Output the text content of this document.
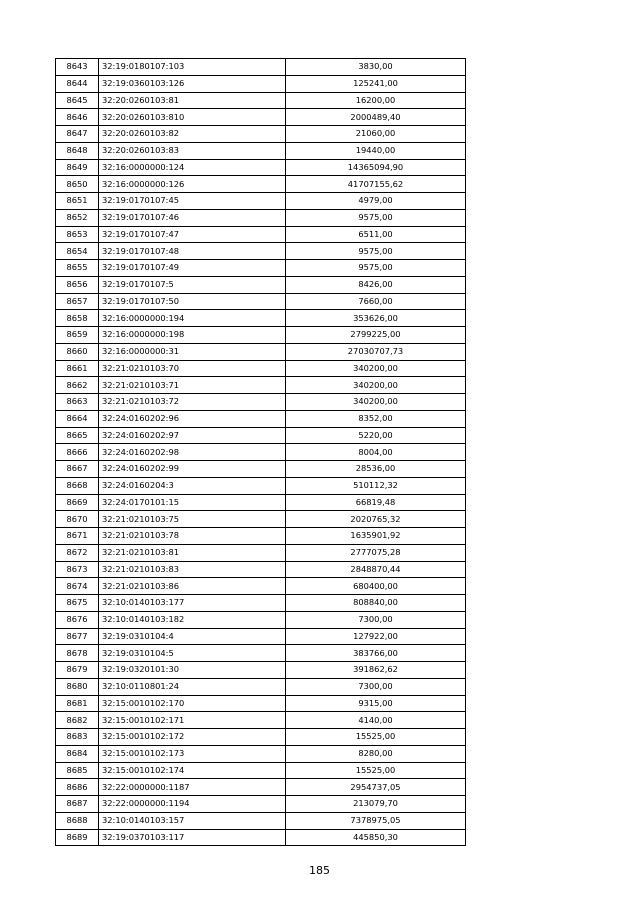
8643	32:19:0180107:103	3830,00
8644	32:19:0360103:126	125241,00
8645	32:20:0260103:81	16200,00
8646	32:20:0260103:810	2000489,40
8647	32:20:0260103:82	21060,00
8648	32:20:0260103:83	19440,00
8649	32:16:0000000:124	14365094,90
8650	32:16:0000000:126	41707155,62
8651	32:19:0170107:45	4979,00
8652	32:19:0170107:46	9575,00
8653	32:19:0170107:47	6511,00
8654	32:19:0170107:48	9575,00
8655	32:19:0170107:49	9575,00
8656	32:19:0170107:5	8426,00
8657	32:19:0170107:50	7660,00
8658	32:16:0000000:194	353626,00
8659	32:16:0000000:198	2799225,00
8660	32:16:0000000:31	27030707,73
8661	32:21:0210103:70	340200,00
8662	32:21:0210103:71	340200,00
8663	32:21:0210103:72	340200,00
8664	32:24:0160202:96	8352,00
8665	32:24:0160202:97	5220,00
8666	32:24:0160202:98	8004,00
8667	32:24:0160202:99	28536,00
8668	32:24:0160204:3	510112,32
8669	32:24:0170101:15	66819,48
8670	32:21:0210103:75	2020765,32
8671	32:21:0210103:78	1635901,92
8672	32:21:0210103:81	2777075,28
8673	32:21:0210103:83	2848870,44
8674	32:21:0210103:86	680400,00
8675	32:10:0140103:177	808840,00
8676	32:10:0140103:182	7300,00
8677	32:19:0310104:4	127922,00
8678	32:19:0310104:5	383766,00
8679	32:19:0320101:30	391862,62
8680	32:10:0110801:24	7300,00
8681	32:15:0010102:170	9315,00
8682	32:15:0010102:171	4140,00
8683	32:15:0010102:172	15525,00
8684	32:15:0010102:173	8280,00
8685	32:15:0010102:174	15525,00
8686	32:22:0000000:1187	2954737,05
8687	32:22:0000000:1194	213079,70
8688	32:10:0140103:157	7378975,05
8689	32:19:0370103:117	445850,30
185
